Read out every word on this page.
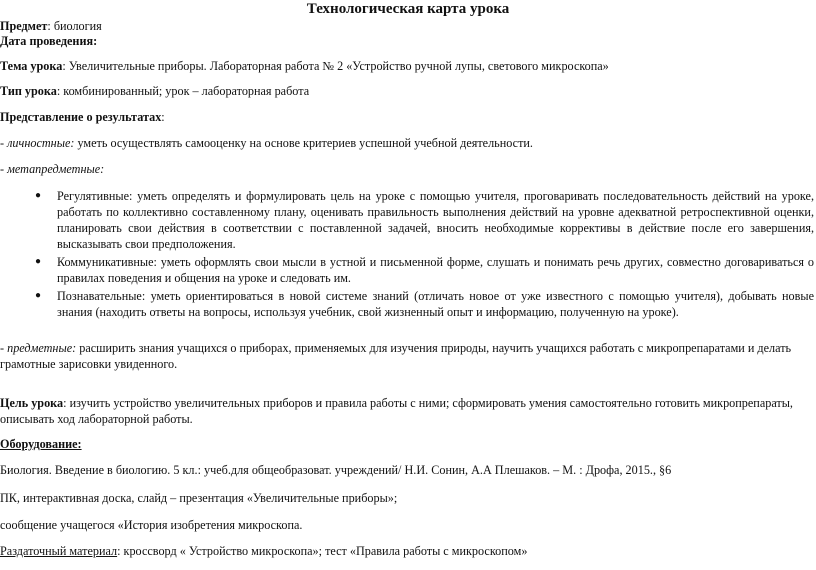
Технологическая карта урока
Предмет: биология
Дата проведения:
Тема урока: Увеличительные приборы. Лабораторная работа № 2 «Устройство ручной лупы, светового микроскопа»
Тип урока: комбинированный; урок – лабораторная работа
Представление о результатах:
- личностные: уметь осуществлять самооценку на основе критериев успешной учебной деятельности.
- метапредметные:
● Регулятивные: уметь определять и формулировать цель на уроке с помощью учителя, проговаривать последовательность действий на уроке, работать по коллективно составленному плану, оценивать правильность выполнения действий на уровне адекватной ретроспективной оценки, планировать свои действия в соответствии с поставленной задачей, вносить необходимые коррективы в действие после его завершения, высказывать свои предположения.
● Коммуникативные: уметь оформлять свои мысли в устной и письменной форме, слушать и понимать речь других, совместно договариваться о правилах поведения и общения на уроке и следовать им.
● Познавательные: уметь ориентироваться в новой системе знаний (отличать новое от уже известного с помощью учителя), добывать новые знания (находить ответы на вопросы, используя учебник, свой жизненный опыт и информацию, полученную на уроке).
- предметные: расширить знания учащихся о приборах, применяемых для изучения природы, научить учащихся работать с микропрепаратами и делать грамотные зарисовки увиденного.
Цель урока: изучить устройство увеличительных приборов и правила работы с ними; сформировать умения самостоятельно готовить микропрепараты, описывать ход лабораторной работы.
Оборудование:
Биология. Введение в биологию. 5 кл.: учеб.для общеобразоват. учреждений/ Н.И. Сонин, А.А Плешаков. – М. : Дрофа, 2015., §6
ПК, интерактивная доска, слайд – презентация «Увеличительные приборы»;
сообщение учащегося «История изобретения микроскопа.
Раздаточный материал: кроссворд « Устройство микроскопа»; тест «Правила работы с микроскопом»
